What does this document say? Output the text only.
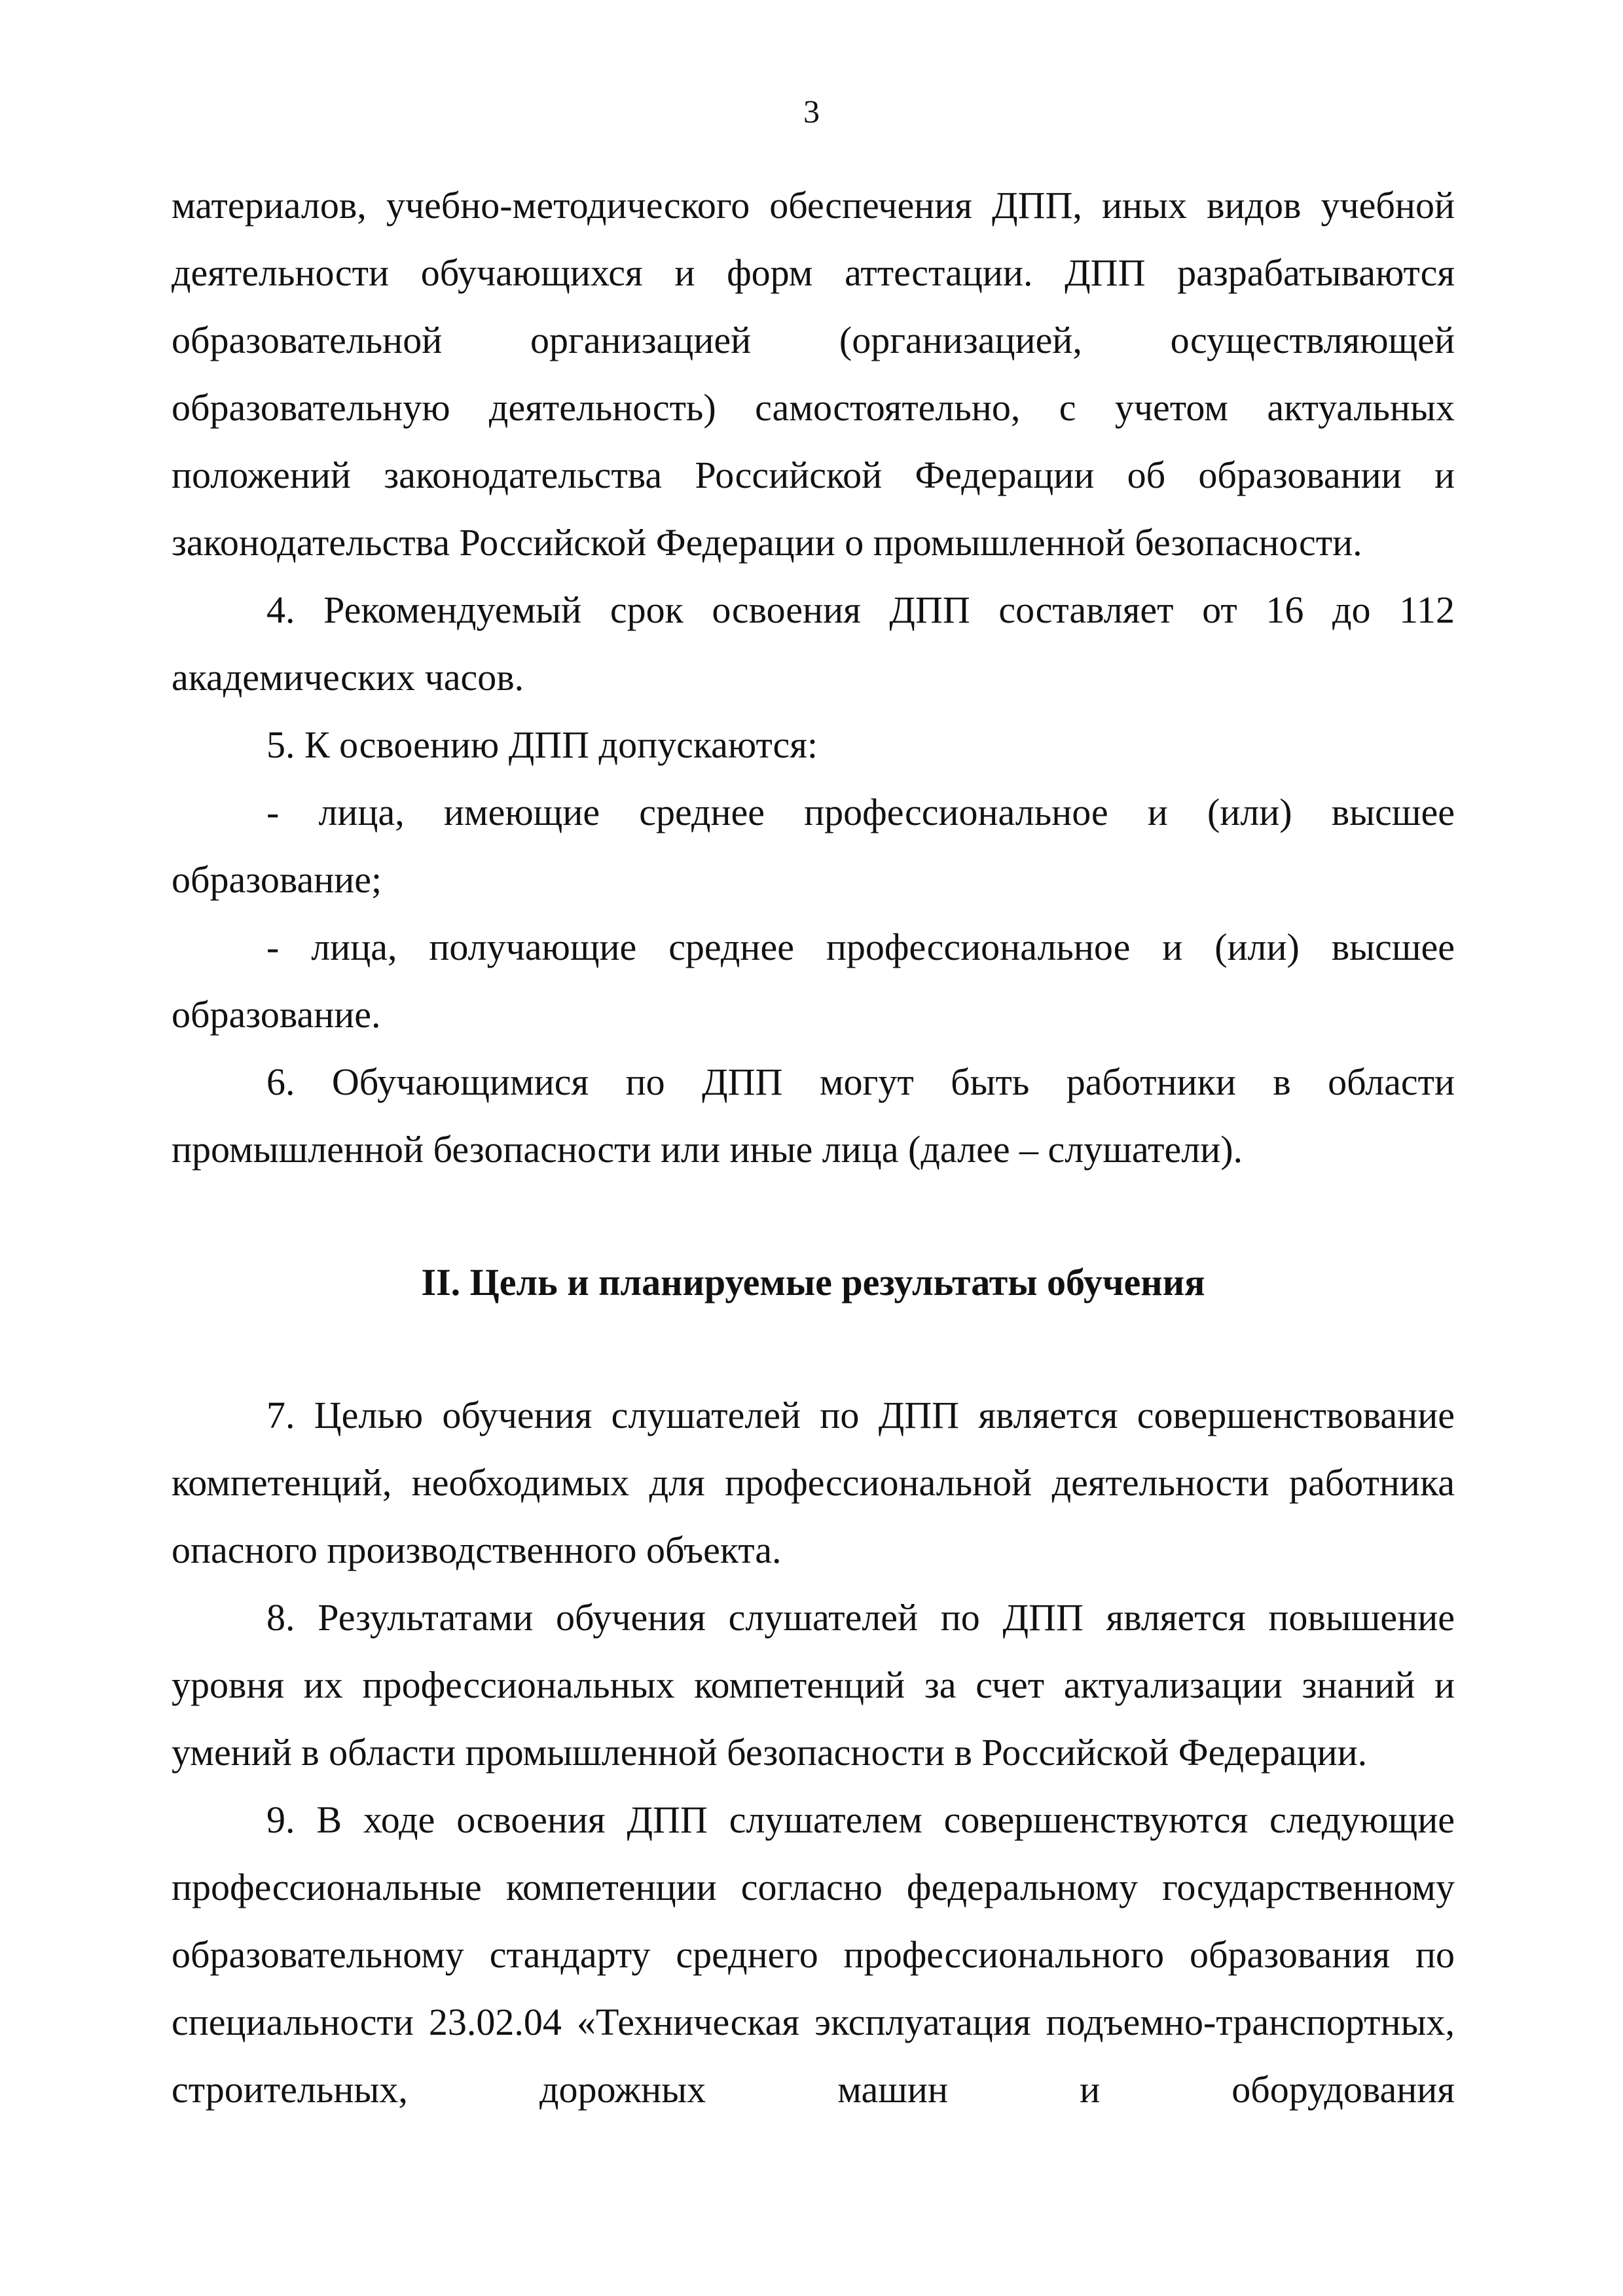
3

материалов, учебно-методического обеспечения ДПП, иных видов учебной деятельности обучающихся и форм аттестации. ДПП разрабатываются образовательной организацией (организацией, осуществляющей образовательную деятельность) самостоятельно, с учетом актуальных положений законодательства Российской Федерации об образовании и законодательства Российской Федерации о промышленной безопасности.

4. Рекомендуемый срок освоения ДПП составляет от 16 до 112 академических часов.

5. К освоению ДПП допускаются:

- лица, имеющие среднее профессиональное и (или) высшее образование;

- лица, получающие среднее профессиональное и (или) высшее образование.

6. Обучающимися по ДПП могут быть работники в области промышленной безопасности или иные лица (далее – слушатели).

II. Цель и планируемые результаты обучения

7. Целью обучения слушателей по ДПП является совершенствование компетенций, необходимых для профессиональной деятельности работника опасного производственного объекта.

8. Результатами обучения слушателей по ДПП является повышение уровня их профессиональных компетенций за счет актуализации знаний и умений в области промышленной безопасности в Российской Федерации.

9. В ходе освоения ДПП слушателем совершенствуются следующие профессиональные компетенции согласно федеральному государственному образовательному стандарту среднего профессионального образования по специальности 23.02.04 «Техническая эксплуатация подъемно-транспортных, строительных, дорожных машин и оборудования
